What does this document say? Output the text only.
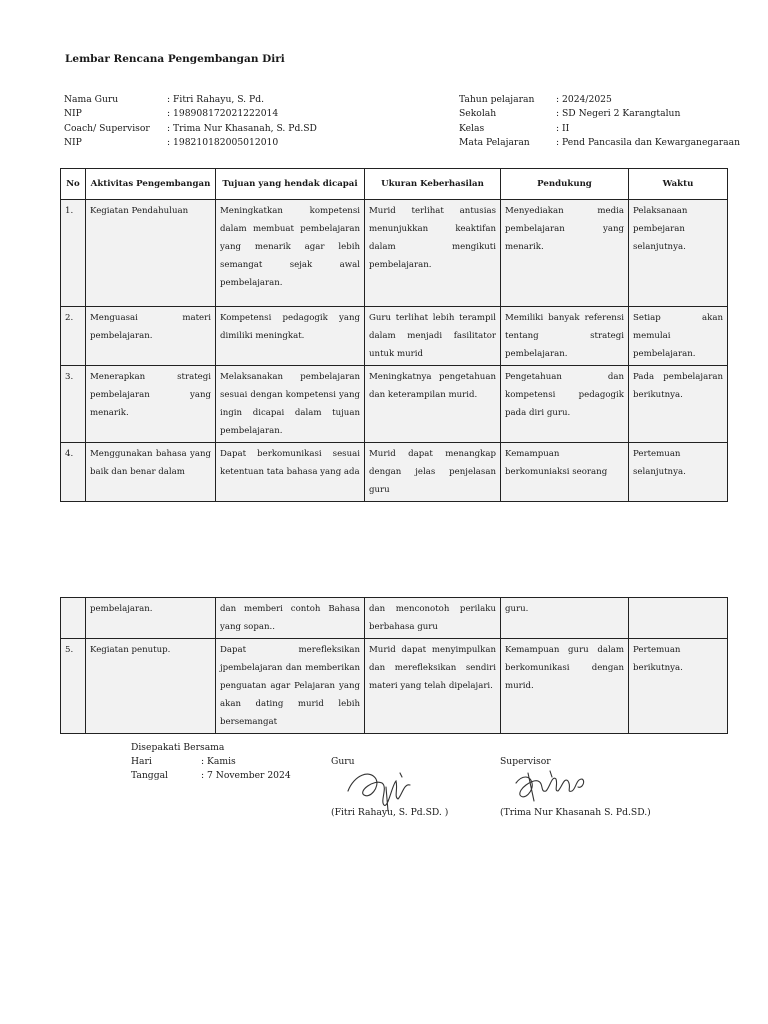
Lembar Rencana Pengembangan Diri
Nama Guru	: Fitri Rahayu, S. Pd.
NIP	: 198908172021222014
Coach/ Supervisor	: Trima Nur Khasanah, S. Pd.SD
NIP	: 198210182005012010
Tahun pelajaran	: 2024/2025
Sekolah	: SD Negeri 2 Karangtalun
Kelas	: II
Mata Pelajaran	: Pend Pancasila dan Kewarganegaraan
No	Aktivitas Pengembangan	Tujuan yang hendak dicapai	Ukuran Keberhasilan	Pendukung	Waktu
1.	Kegiatan Pendahuluan	Meningkatkan kompetensi dalam membuat pembelajaran yang menarik agar lebih semangat sejak awal pembelajaran.	Murid terlihat antusias menunjukkan keaktifan dalam mengikuti pembelajaran.	Menyediakan media pembelajaran yang menarik.	Pelaksanaan pembejaran selanjutnya.
2.	Menguasai materi pembelajaran.	Kompetensi pedagogik yang dimiliki meningkat.	Guru terlihat lebih terampil dalam menjadi fasilitator untuk murid	Memiliki banyak referensi tentang strategi pembelajaran.	Setiap akan memulai pembelajaran.
3.	Menerapkan strategi pembelajaran yang menarik.	Melaksanakan pembelajaran sesuai dengan kompetensi yang ingin dicapai dalam tujuan pembelajaran.	Meningkatnya pengetahuan dan keterampilan murid.	Pengetahuan dan kompetensi pedagogik pada diri guru.	Pada pembelajaran berikutnya.
4.	Menggunakan bahasa yang baik dan benar dalam	Dapat berkomunikasi sesuai ketentuan tata bahasa yang ada	Murid dapat menangkap dengan jelas penjelasan guru	Kemampuan berkomuniaksi seorang	Pertemuan selanjutnya.
	pembelajaran.	dan memberi contoh Bahasa yang sopan..	dan menconotoh perilaku berbahasa guru	guru.	
5.	Kegiatan penutup.	Dapat merefleksikan jpembelajaran dan memberikan penguatan agar Pelajaran yang akan dating murid lebih bersemangat	Murid dapat menyimpulkan dan merefleksikan sendiri materi yang telah dipelajari.	Kemampuan guru dalam berkomunikasi dengan murid.	Pertemuan berikutnya.
Disepakati Bersama
Hari	: Kamis
Tanggal	: 7 November 2024
Guru
(Fitri Rahayu, S. Pd.SD. )
Supervisor
(Trima Nur Khasanah S. Pd.SD.)
